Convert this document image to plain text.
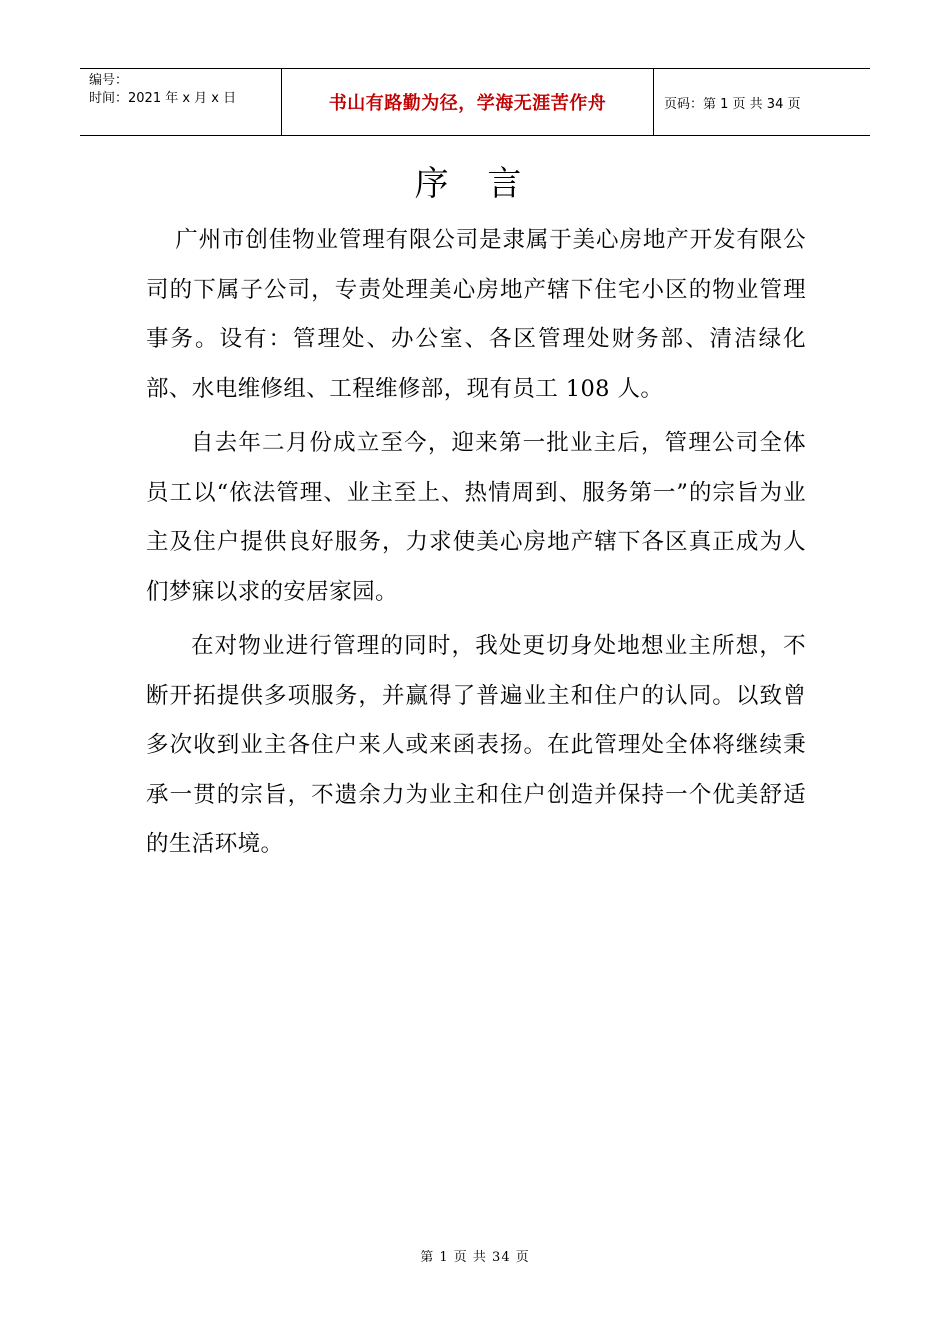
编号：
时间：2021 年 x 月 x 日	书山有路勤为径，学海无涯苦作舟	页码：第 1 页 共 34 页
序 言

广州市创佳物业管理有限公司是隶属于美心房地产开发有限公司的下属子公司，专责处理美心房地产辖下住宅小区的物业管理事务。设有：管理处、办公室、各区管理处财务部、清洁绿化部、水电维修组、工程维修部，现有员工 108 人。

自去年二月份成立至今，迎来第一批业主后，管理公司全体员工以“依法管理、业主至上、热情周到、服务第一”的宗旨为业主及住户提供良好服务，力求使美心房地产辖下各区真正成为人们梦寐以求的安居家园。

在对物业进行管理的同时，我处更切身处地想业主所想，不断开拓提供多项服务，并赢得了普遍业主和住户的认同。以致曾多次收到业主各住户来人或来函表扬。在此管理处全体将继续秉承一贯的宗旨，不遗余力为业主和住户创造并保持一个优美舒适的生活环境。

第 1 页 共 34 页
